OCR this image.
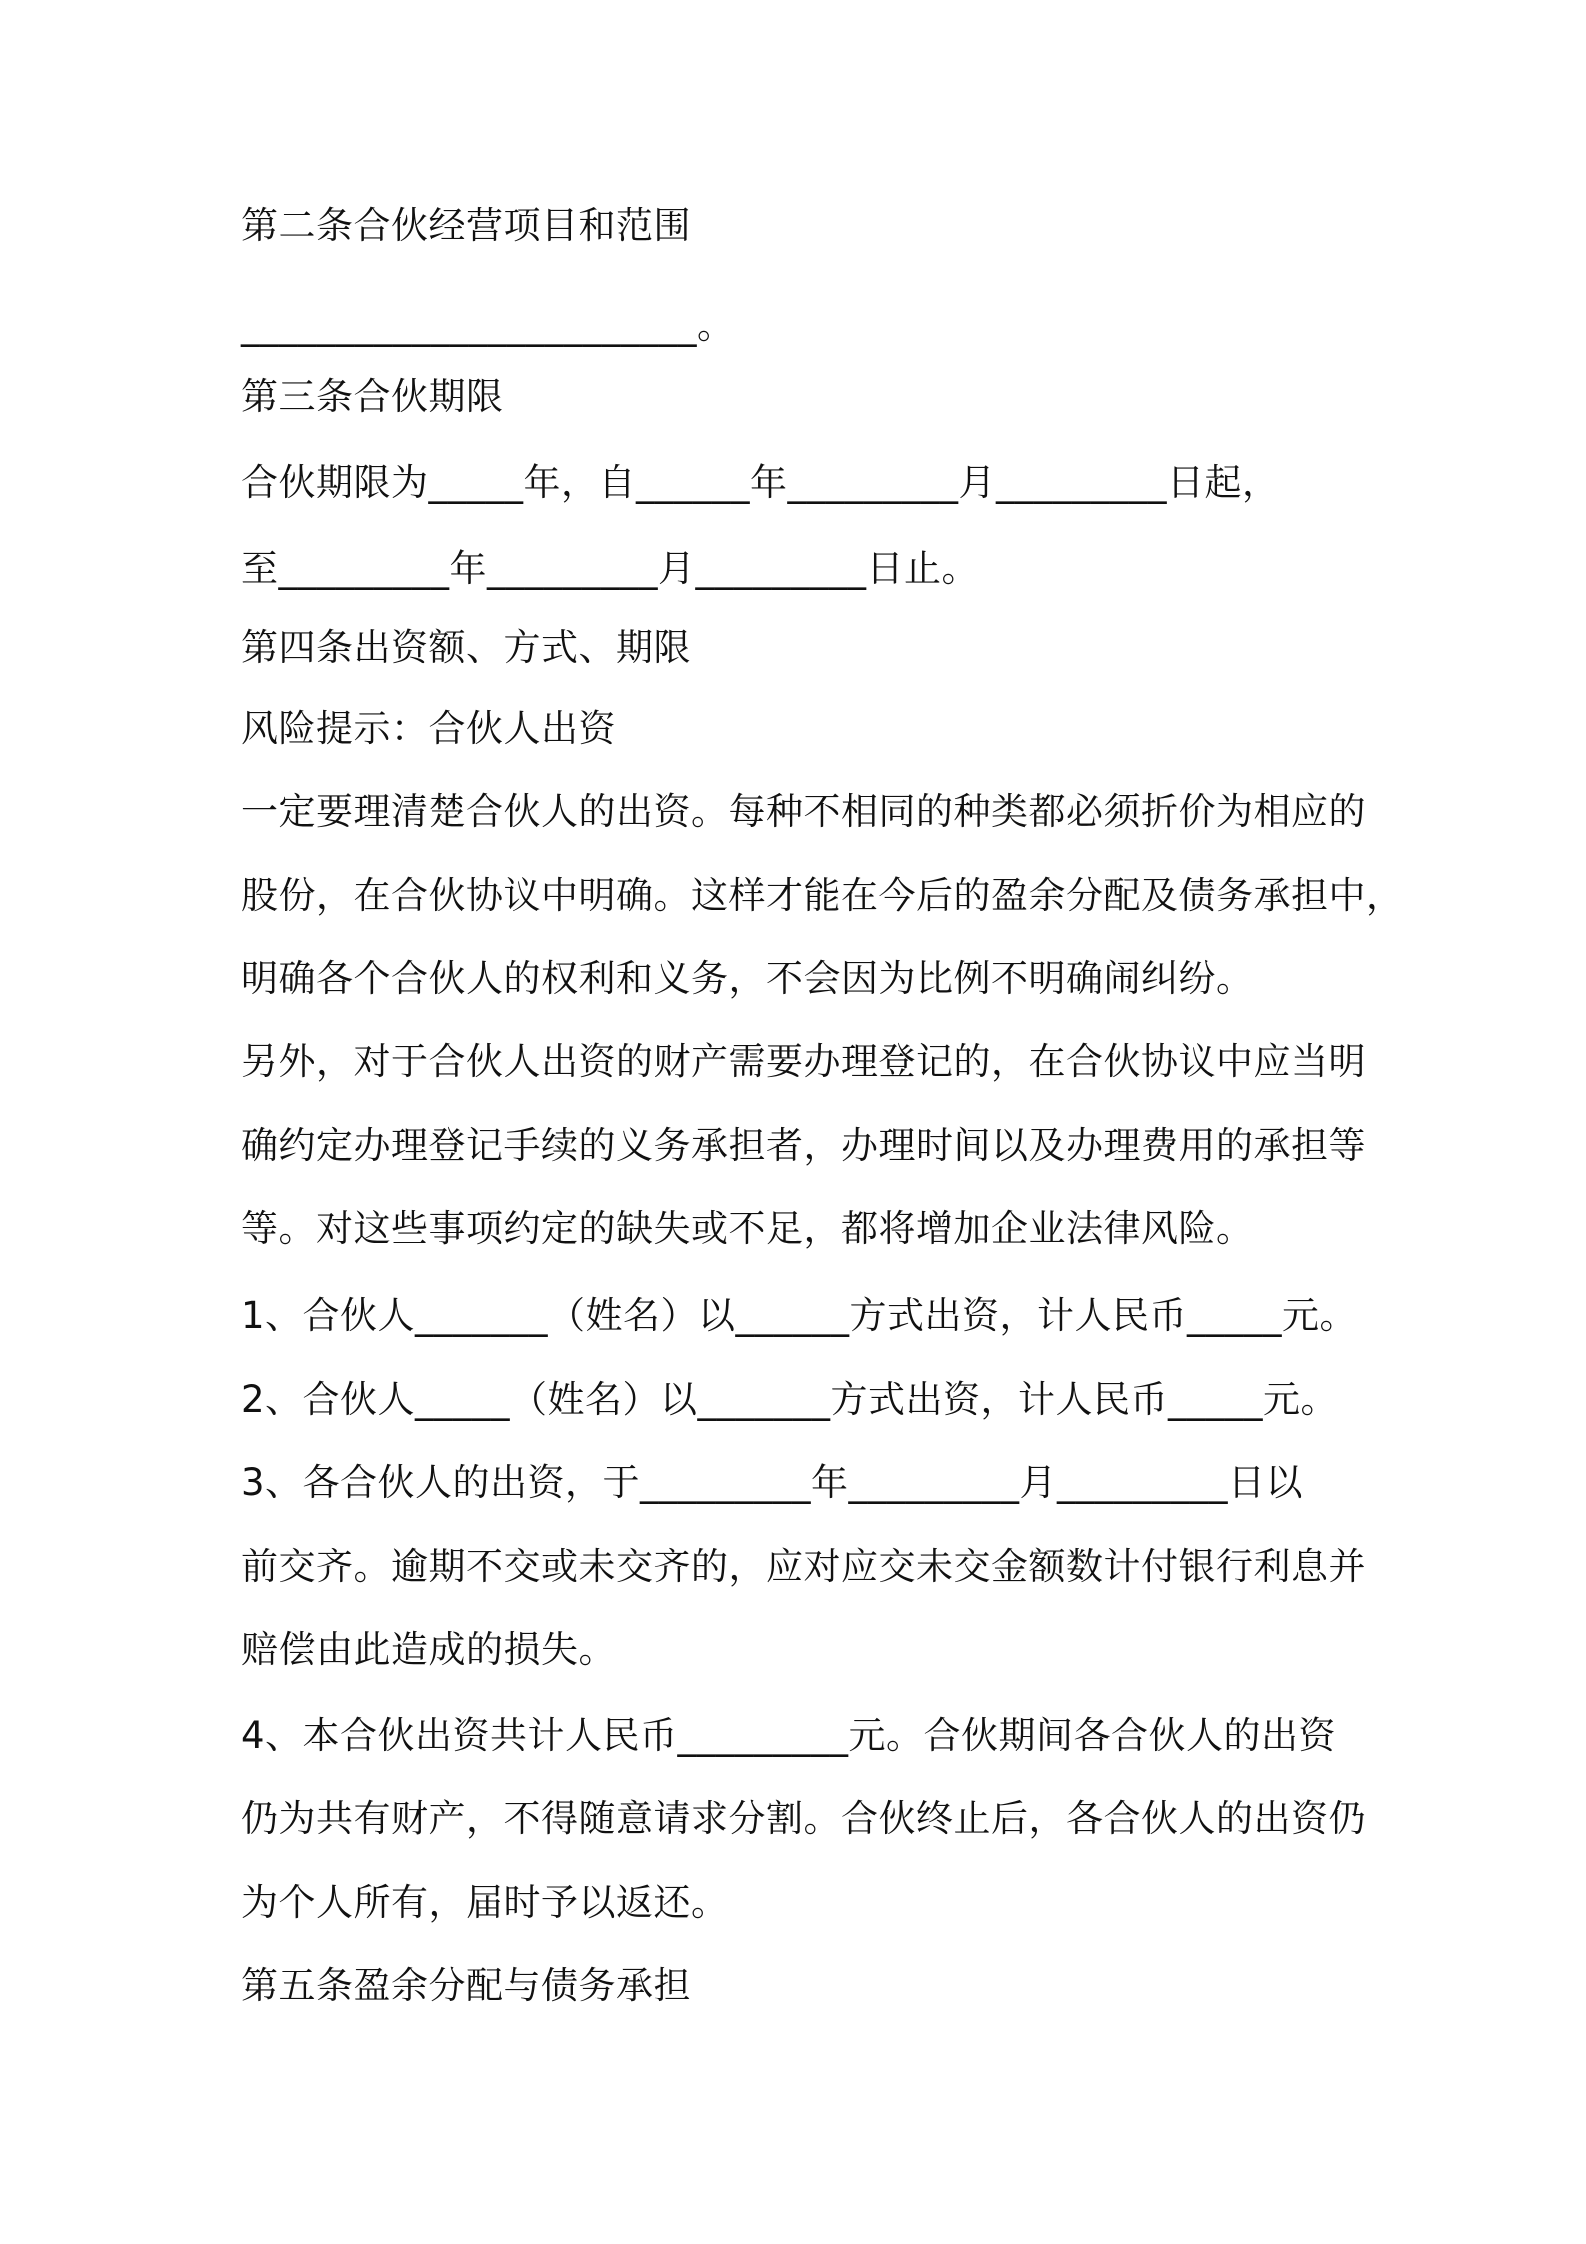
第二条合伙经营项目和范围
________________________。
第三条合伙期限
合伙期限为_____年，自______年_________月_________日起，
至_________年_________月_________日止。
第四条出资额、方式、期限
风险提示：合伙人出资
一定要理清楚合伙人的出资。每种不相同的种类都必须折价为相应的
股份，在合伙协议中明确。这样才能在今后的盈余分配及债务承担中，
明确各个合伙人的权利和义务，不会因为比例不明确闹纠纷。
另外，对于合伙人出资的财产需要办理登记的，在合伙协议中应当明
确约定办理登记手续的义务承担者，办理时间以及办理费用的承担等
等。对这些事项约定的缺失或不足，都将增加企业法律风险。
1、合伙人_______（姓名）以______方式出资，计人民币_____元。
2、合伙人_____（姓名）以_______方式出资，计人民币_____元。
3、各合伙人的出资，于_________年_________月_________日以
前交齐。逾期不交或未交齐的，应对应交未交金额数计付银行利息并
赔偿由此造成的损失。
4、本合伙出资共计人民币_________元。合伙期间各合伙人的出资
仍为共有财产，不得随意请求分割。合伙终止后，各合伙人的出资仍
为个人所有，届时予以返还。
第五条盈余分配与债务承担
